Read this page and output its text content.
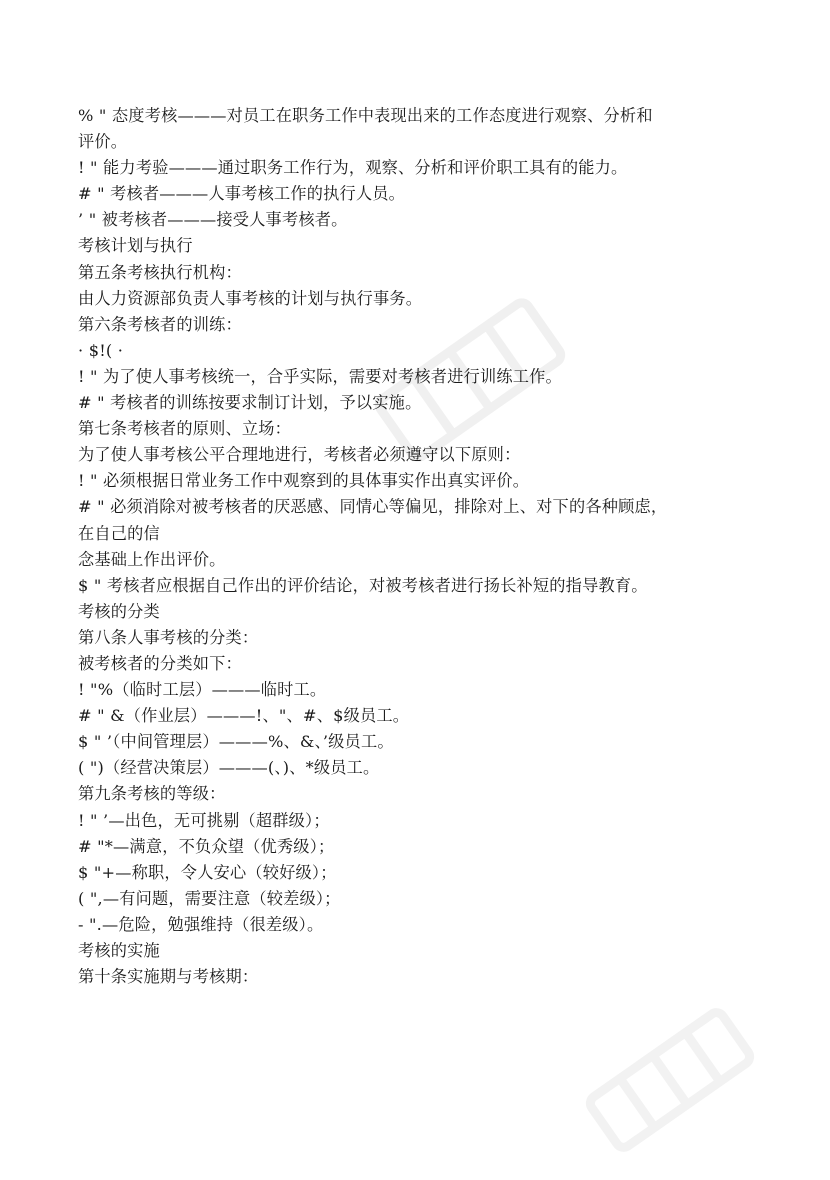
% " 态度考核———对员工在职务工作中表现出来的工作态度进行观察、分析和
评价。
! " 能力考验———通过职务工作行为，观察、分析和评价职工具有的能力。
# " 考核者———人事考核工作的执行人员。
’ " 被考核者———接受人事考核者。
考核计划与执行
第五条考核执行机构：
由人力资源部负责人事考核的计划与执行事务。
第六条考核者的训练：
· $!( ·
! " 为了使人事考核统一，合乎实际，需要对考核者进行训练工作。
# " 考核者的训练按要求制订计划，予以实施。
第七条考核者的原则、立场：
为了使人事考核公平合理地进行，考核者必须遵守以下原则：
! " 必须根据日常业务工作中观察到的具体事实作出真实评价。
# " 必须消除对被考核者的厌恶感、同情心等偏见，排除对上、对下的各种顾虑，
在自己的信
念基础上作出评价。
$ " 考核者应根据自己作出的评价结论，对被考核者进行扬长补短的指导教育。
考核的分类
第八条人事考核的分类：
被考核者的分类如下：
! "%（临时工层）———临时工。
# " &（作业层）———!、"、#、$级员工。
$ " ’（中间管理层）———%、&、’级员工。
( ")（经营决策层）———(、)、*级员工。
第九条考核的等级：
! " ’—出色，无可挑剔（超群级）；
# "*—满意，不负众望（优秀级）；
$ "+—称职，令人安心（较好级）；
( ",—有问题，需要注意（较差级）；
- ".—危险，勉强维持（很差级）。
考核的实施
第十条实施期与考核期：
